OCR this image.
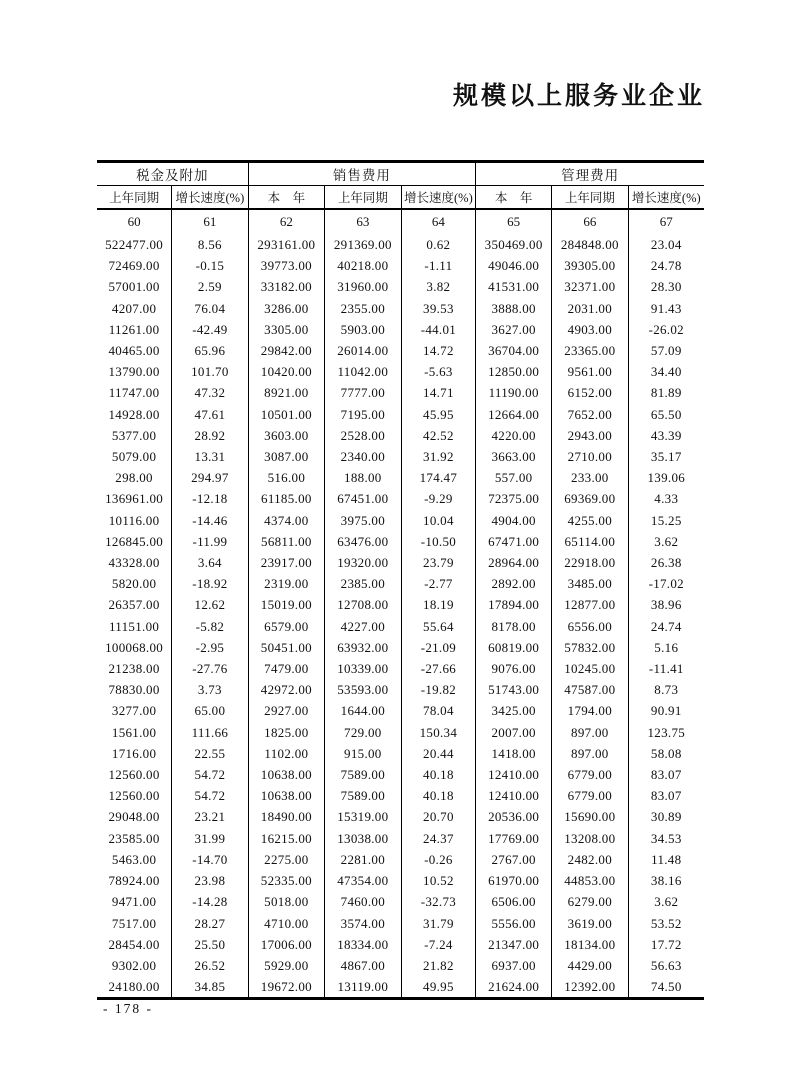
规模以上服务业企业
税金及附加		销售费用			管理费用		
上年同期	增长速度(%)	本　年	上年同期	增长速度(%)	本　年	上年同期	增长速度(%)
60	61	62	63	64	65	66	67
522477.00	8.56	293161.00	291369.00	0.62	350469.00	284848.00	23.04
72469.00	-0.15	39773.00	40218.00	-1.11	49046.00	39305.00	24.78
57001.00	2.59	33182.00	31960.00	3.82	41531.00	32371.00	28.30
4207.00	76.04	3286.00	2355.00	39.53	3888.00	2031.00	91.43
11261.00	-42.49	3305.00	5903.00	-44.01	3627.00	4903.00	-26.02
40465.00	65.96	29842.00	26014.00	14.72	36704.00	23365.00	57.09
13790.00	101.70	10420.00	11042.00	-5.63	12850.00	9561.00	34.40
11747.00	47.32	8921.00	7777.00	14.71	11190.00	6152.00	81.89
14928.00	47.61	10501.00	7195.00	45.95	12664.00	7652.00	65.50
5377.00	28.92	3603.00	2528.00	42.52	4220.00	2943.00	43.39
5079.00	13.31	3087.00	2340.00	31.92	3663.00	2710.00	35.17
298.00	294.97	516.00	188.00	174.47	557.00	233.00	139.06
136961.00	-12.18	61185.00	67451.00	-9.29	72375.00	69369.00	4.33
10116.00	-14.46	4374.00	3975.00	10.04	4904.00	4255.00	15.25
126845.00	-11.99	56811.00	63476.00	-10.50	67471.00	65114.00	3.62
43328.00	3.64	23917.00	19320.00	23.79	28964.00	22918.00	26.38
5820.00	-18.92	2319.00	2385.00	-2.77	2892.00	3485.00	-17.02
26357.00	12.62	15019.00	12708.00	18.19	17894.00	12877.00	38.96
11151.00	-5.82	6579.00	4227.00	55.64	8178.00	6556.00	24.74
100068.00	-2.95	50451.00	63932.00	-21.09	60819.00	57832.00	5.16
21238.00	-27.76	7479.00	10339.00	-27.66	9076.00	10245.00	-11.41
78830.00	3.73	42972.00	53593.00	-19.82	51743.00	47587.00	8.73
3277.00	65.00	2927.00	1644.00	78.04	3425.00	1794.00	90.91
1561.00	111.66	1825.00	729.00	150.34	2007.00	897.00	123.75
1716.00	22.55	1102.00	915.00	20.44	1418.00	897.00	58.08
12560.00	54.72	10638.00	7589.00	40.18	12410.00	6779.00	83.07
12560.00	54.72	10638.00	7589.00	40.18	12410.00	6779.00	83.07
29048.00	23.21	18490.00	15319.00	20.70	20536.00	15690.00	30.89
23585.00	31.99	16215.00	13038.00	24.37	17769.00	13208.00	34.53
5463.00	-14.70	2275.00	2281.00	-0.26	2767.00	2482.00	11.48
78924.00	23.98	52335.00	47354.00	10.52	61970.00	44853.00	38.16
9471.00	-14.28	5018.00	7460.00	-32.73	6506.00	6279.00	3.62
7517.00	28.27	4710.00	3574.00	31.79	5556.00	3619.00	53.52
28454.00	25.50	17006.00	18334.00	-7.24	21347.00	18134.00	17.72
9302.00	26.52	5929.00	4867.00	21.82	6937.00	4429.00	56.63
24180.00	34.85	19672.00	13119.00	49.95	21624.00	12392.00	74.50
- 178 -
